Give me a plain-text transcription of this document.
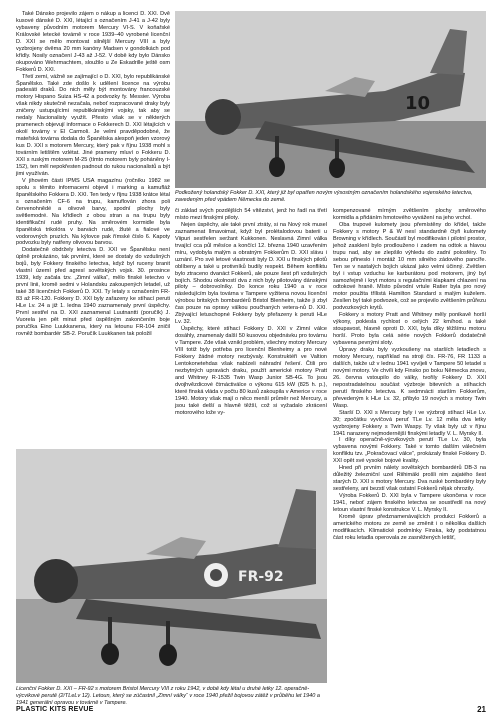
Také Dánsko projevilo zájem o nákup a licenci D. XXI. Dvě kusové dánské D. XXI, létající s označením J-41 a J-42 byly vybaveny původním motorem Mercury VI-S. V koňařské Královské letecké továrně v roce 1939–40 vyrobené licenční D. XXI se mělo montovat silnější Mercury VIII a byly vyzbrojeny dvěma 20 mm kanóny Madsen v gondolkách pod křídly. Nosily označení J-43 až J-52. V době kdy bylo Dánsko okupováno Wehrmachtem, sloužilo u Ze Eskadrille ještě osm Fokkerů D. XXI.

Třetí zemí, vážně se zajímající o D. XXI, bylo republikánské Španělsko. Také zde došlo k udělení licence na výrobu padesáti draků. Do nich měly být montovány francouzské motory Hispano Suiza HS-42 a podvozky fy. Messier. Výroba však nikdy skutečně nezačala, neboť rozpracované draky byly zničeny ustupujícími republikánskými vojsky, tak aby se nedaly Nacionalisty využít. Přesto však se v některých pramenech objevují informace o Fokkerech D. XXI létajících v okolí továrny v El Carmoli. Je velmi pravděpodobné, že mateřská továrna dodala do Španělska alespoň jeden vzorový kus D. XXI s motorem Mercury, který pak v říjnu 1938 mohl s továrním letištěm vzlétat. Jiné prameny mluví o Fokkeru D. XXI s ruským motorem M-25 (tímto motorem byly poháněny I-152), ten měl nepokřesten padnout do rukou nacionalistů a být jimi využíván.

V jihovém části IPMS USA magazínu (ročníku 1982 se spolu s těmito informacemi objevil i marking a kamufláž španělského Fokkera D. XXI. Ten tedy v říjnu 1938 krátce létal s označením CF-6 na trupu, kamuflován zhora poli červenohnědé a olivově barvy, spodní plochy byly světlemodré. Na křídlech z obou stran a na trupu byly identifikační rudé pruhy. Na směrovém kormidle byla španělská trikolóra v barvách rudé, žluté a fialové ve vodorovných pruzích. Na kýlovce pak římské číslo 6. Kapoty podvozku byly natřeny olivovou barvou.

Dodatečně obdržely letectva D. XXI ve Španělsku není úplně prokázáno, tak prvními, které se dostaly do vzdušných bojů, byly Fokkery finského letectva, když byl ruceny branit vlastní území před agresí sovětských vojsk. 30. prosince 1939, kdy začala tzv. „Zimní válka“, mělo finské letectvo v první linii, kromě sedmi v Holandsku zakoupených letadel, už také 38 licenčních Fokkerů D. XXI. Ty letaly s označením FR-83 až FR-120. Fokkery D. XXI byly zařazeny ke stíhací peruti HLe Lv. 24 a již 1. ledna 1940 zaznamenaly první úspěchy. První sestřel na D. XXI zaznamenal Luutnantti (poručík) J. Vuorela jen pět minut před úspěšným zakončením boje poručíka Eino Luukkanena, který na letounu FR-104 zničil rovněž bombardér SB-2. Poručík Luukkanen tak položil

10
Podkožený holandský Fokker D. XXI, který již byl opatřen novým výsostným označením holandského vojenského letectva, zavedeným před vpádem Německa do země.

či základ svých pozdějších 54 vítězství, jenž ho řadí na třetí místo mezi finskými piloty.

Nejen úspěchy, ale také první ztráty, si na Nový rok musel zaznamenat Ilmavoimat, když byl prolétalodovou baterii u Viipuri sestřelen seržant Kukkonen. Neslavná Zimní válka trvající cca půl měsíce a končící 12. března 1940 uzavřením míru, vydobyla malým a obratným Fokkerům D. XXI slávu i uznání. Pro své letové vlastnosti byly D. XXI u finských pilotů oblíbeny a také u protivníků budily respekt. Během konfliktu bylo ztraceno dvanáct Fokkerů, ale pouze šest při vzdušných bojích. Shodou okolností dva z nich byly pilotovány dánskými piloty – dobrovolníky. Do konce roku 1940 a v roce následujícím byla továrna v Tampere vyžitena novou licenční výrobou britských bombardérů Bristol Blenheim, takže ji zbyl čas pouze na opravy válkou poučhaných vetera-nů D. XXI. Zbývající letuschopné Fokkery byly přeřazeny k peruti HLe Lv. 32.

Úspěchy, které stíhací Fokkery D. XXI v Zimní válce dosáhly, znamenaly další 50 kusovou objednávku pro továrnu v Tampere. Zde však vznikl problém, všechny motory Mercury VIII totiž byly potřeba pro licenční Blenheimy a pro nové Fokkery žádné motory nezbývaly. Konstruktéři ve Valtion Lentokonetehdas však nabízeli náhradní řešení. Čtili pro nezbytných upravách draku, použít americké motory Pratt and Whitney R-1535 Twin Wasp Junior SB-4G. To jsou dvojhvězdicové čtrnáctiválce o výkonu 615 kW (825 h. p.), které finská vláda v počtu 80 kusů zakoupila v Americe v roce 1940. Motory však mají o něco menší průměr než Mercury, a jsou také delší a hlavně těžší, což si vyžadalo zkrácení motorového lože vy-

kompenzované mírným zvětšením plochy směrového kormidla a přidáním hmotového vyvážení na jeho vrchol.

Oba trupové kulomety jsou přemístěny do křídel, takže Fokkery s motory P & W nesí standardně čtyři kulomety Browning v křídlech. Součástí byl modifikován i pilotní prostor, jehož zasklení bylo prodlouženo i zadem na odtok a hlavou trupu nad, aby se zlepšilo výhledu do zadní polosféry. To sebou přineslo i montáž 10 mm silného zádového pancíře. Ten se v nastalých bojích ukázal jako velmi účinný. Zvětšen byl i vstup vzduchu ke karburátoru pod motorem, jiný byl samozřejmě i kryt motoru s regulačními klapkami chlazení na odtokové hraně. Místo původní vrtule Ratier byla pro nový motor použita třílistá Hamilton Standard s malým kuželem. Zesílen byl také podvozek, což se projevilo zvětšením průřezu podvozkových krytů.

Fokkery s motory Pratt and Whitney měly ponikavě horší výkony, poklesla rychlost o celých 22 km/hod. a také stoupavost, hlavně oproti D. XXI, byla díky těžšímu motoru horší. Proto byla celá série nových Fokkerů dodatečně vybavena pevnými sloty.

Úpravy draku byly vyzkoušeny na starších letadlech s motory Mercury, například na stroji čís. FR-76, FR 1133 a dalších, takže už v lednu 1941 vyvíjeli v Tampere 50 letadel s novými motory. Ve chvíli kdy Finsko po boku Německa znovu, 26. června vstoupilo do války, tvořily Fokkery D. XXI nepostradatelnou součást výzbroje bitevních a stíhacích perutí finského letectva. K sedmnácti starším Fokkerům, převedeným k HLe Lv. 32, přibylo 19 nových s motory Twin Wasp.

Starší D. XXI s Mercury byly i ve výzbroji stíhací HLe Lv. 30; zpočátku vyvíčová peruť TLe Lv. 12 měla dva letky vyzbrojeny Fokkery s Twin Waspy. Ty však byly už v říjnu 1941 narazeny nejmodernější finskými letadly V. L. Myrsky II.

I díky operačně-výcvikových perutí TLe Lv. 30, byla vybavena novými Fokkery. Také v tomto dalším válečném konfliktu tzv. „Pokračovací válce“, prokázaly finské Fokkery D. XXI opět své vysoké bojové kvality.

Hned při prvním nálety sovětských bombardérů DB-3 na důležitý železniční uzel Riihimäki prošli nim zajatého šest starých D. XXI s motory Mercury. Dva ruské bombardéry byly sestřeleny, ani bezstí však ostatní Fokkerů nějak ohrozily.

Výroba Fokkerů D. XXI byla v Tampere ukončena v roce 1941, neboť zájem finského letectva se soustředil na nový letoun vlastní finské konstrukce V. L. Myrsky II.

Kromě úprav předznamenávajících produkci Fokkerů a amerického motoru ze země se změnit i o několika dalších modifikacích. Klimatické podmínky Finska, kdy podstatnou část roku letadla operovala ze zasněžených letišť,

FR-92
Licenční Fokker D. XXI – FR-92 s motorem Bristol Mercury VIII z roku 1942, v době kdy létal u druhé letky 12. operačně-výcvikové perutě (2/TLeLv 12). Letoun, který se zúčastnil „Zimní války“ v roce 1940 přežil bojovou zátěž v průběhu let 1940 a 1941 generální opravou v továrně v Tampere.
PLASTIC KITS REVUE	21
